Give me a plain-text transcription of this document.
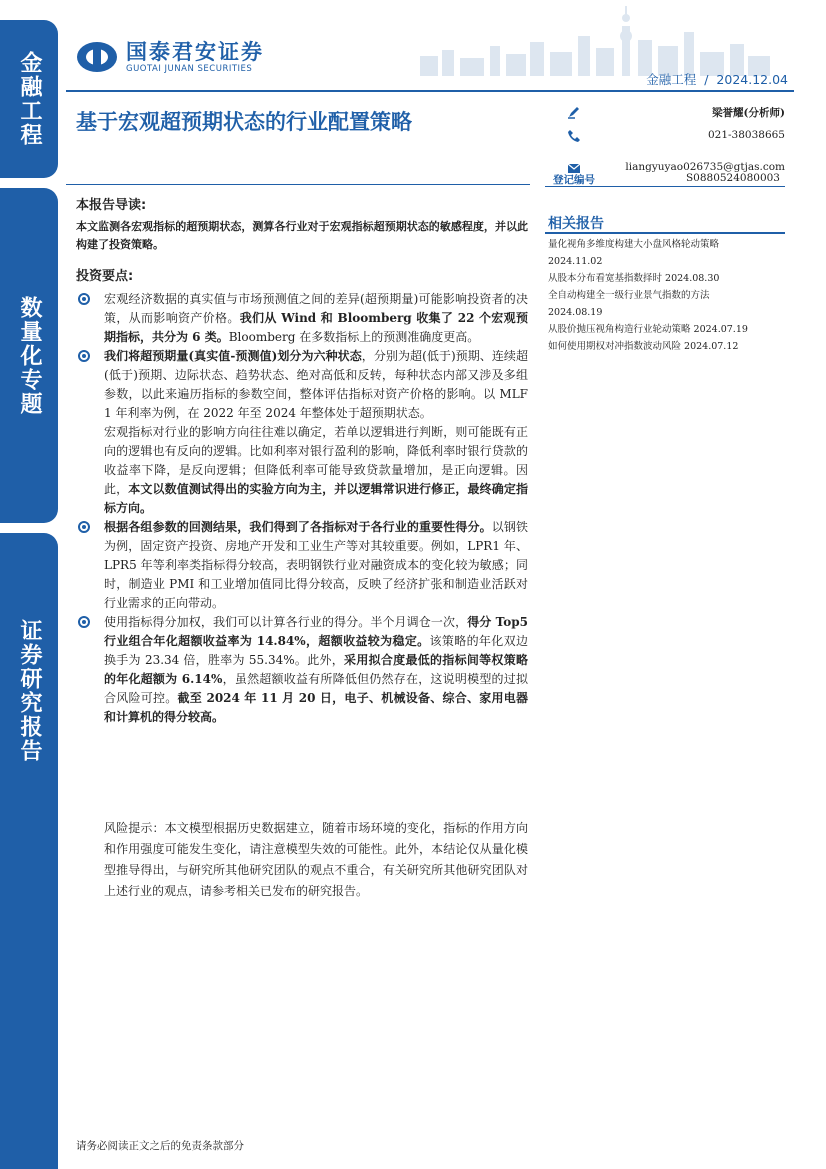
金融工程
数量化专题
证券研究报告
国泰君安证券
GUOTAI JUNAN SECURITIES
金融工程 / 2024.12.04
基于宏观超预期状态的行业配置策略	梁誉耀(分析师)
021-38038665
liangyuyao026735@gtjas.com
登记编号	S0880524080003
相关报告
量化视角多维度构建大小盘风格轮动策略
2024.11.02
从股本分布看宽基指数择时 2024.08.30
全自动构建全一级行业景气指数的方法
2024.08.19
从股价抛压视角构造行业轮动策略 2024.07.19
如何使用期权对冲指数波动风险 2024.07.12
本报告导读:
本文监测各宏观指标的超预期状态，测算各行业对于宏观指标超预期状态的敏感程度，并以此构建了投资策略。
投资要点:
宏观经济数据的真实值与市场预测值之间的差异(超预期量)可能影响投资者的决策，从而影响资产价格。我们从 Wind 和 Bloomberg 收集了 22 个宏观预期指标，共分为 6 类。Bloomberg 在多数指标上的预测准确度更高。
我们将超预期量(真实值-预测值)划分为六种状态，分别为超(低于)预期、连续超(低于)预期、边际状态、趋势状态、绝对高低和反转，每种状态内部又涉及多组参数，以此来遍历指标的参数空间，整体评估指标对资产价格的影响。以 MLF 1 年利率为例，在 2022 年至 2024 年整体处于超预期状态。
宏观指标对行业的影响方向往往难以确定，若单以逻辑进行判断，则可能既有正向的逻辑也有反向的逻辑。比如利率对银行盈利的影响，降低利率时银行贷款的收益率下降，是反向逻辑；但降低利率可能导致贷款量增加，是正向逻辑。因此，本文以数值测试得出的实验方向为主，并以逻辑常识进行修正，最终确定指标方向。
根据各组参数的回测结果，我们得到了各指标对于各行业的重要性得分。以钢铁为例，固定资产投资、房地产开发和工业生产等对其较重要。例如，LPR1 年、LPR5 年等利率类指标得分较高，表明钢铁行业对融资成本的变化较为敏感；同时，制造业 PMI 和工业增加值同比得分较高，反映了经济扩张和制造业活跃对行业需求的正向带动。
使用指标得分加权，我们可以计算各行业的得分。半个月调仓一次，得分 Top5 行业组合年化超额收益率为 14.84%，超额收益较为稳定。该策略的年化双边换手为 23.34 倍，胜率为 55.34%。此外，采用拟合度最低的指标间等权策略的年化超额为 6.14%，虽然超额收益有所降低但仍然存在，这说明模型的过拟合风险可控。截至 2024 年 11 月 20 日，电子、机械设备、综合、家用电器和计算机的得分较高。
风险提示：本文模型根据历史数据建立，随着市场环境的变化，指标的作用方向和作用强度可能发生变化，请注意模型失效的可能性。此外，本结论仅从量化模型推导得出，与研究所其他研究团队的观点不重合，有关研究所其他研究团队对上述行业的观点，请参考相关已发布的研究报告。
请务必阅读正文之后的免责条款部分
